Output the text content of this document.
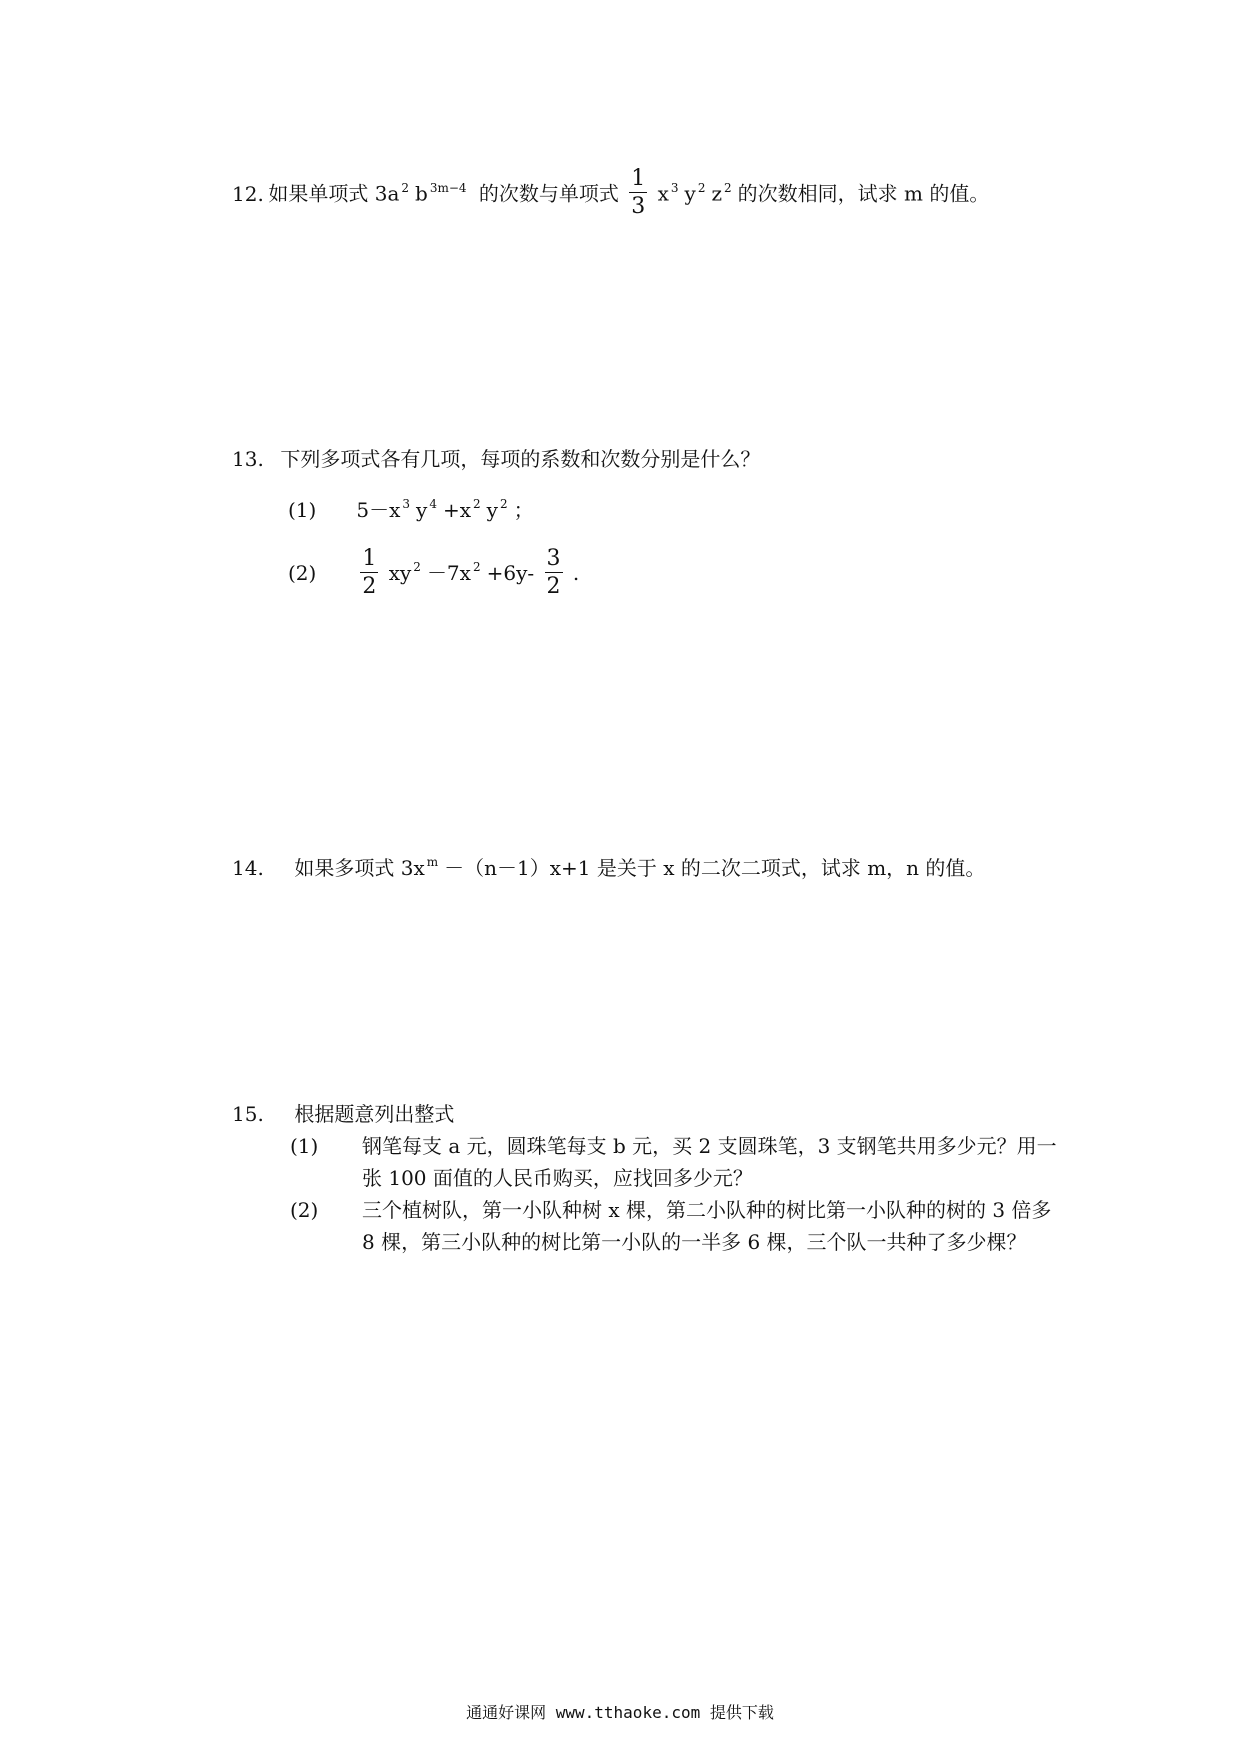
12. 如果单项式 3a $^2$ b $^{3m-4}$ 的次数与单项式 $\frac{1}{3}$ x $^3$ y $^2$ z $^2$ 的次数相同，试求 m 的值。
13. 下列多项式各有几项，每项的系数和次数分别是什么？
(1) 5－x $^3$ y $^4$ +x $^2$ y $^2$ ；
$(2) \frac{1}{2}$ xy $^2$ －7x $^2 +6y- \frac{3}{2}$ .
14. 如果多项式 3x $^m$ －（n－1）x+1 是关于 x 的二次二项式，试求 m，n 的值。
15. 根据题意列出整式
(1) 钢笔每支 a 元，圆珠笔每支 b 元，买 2 支圆珠笔，3 支钢笔共用多少元？用一
张 100 面值的人民币购买，应找回多少元？
(2) 三个植树队，第一小队种树 x 棵，第二小队种的树比第一小队种的树的 3 倍多
8 棵，第三小队种的树比第一小队的一半多 6 棵，三个队一共种了多少棵？
通通好课网 www.tthaoke.com 提供下载
